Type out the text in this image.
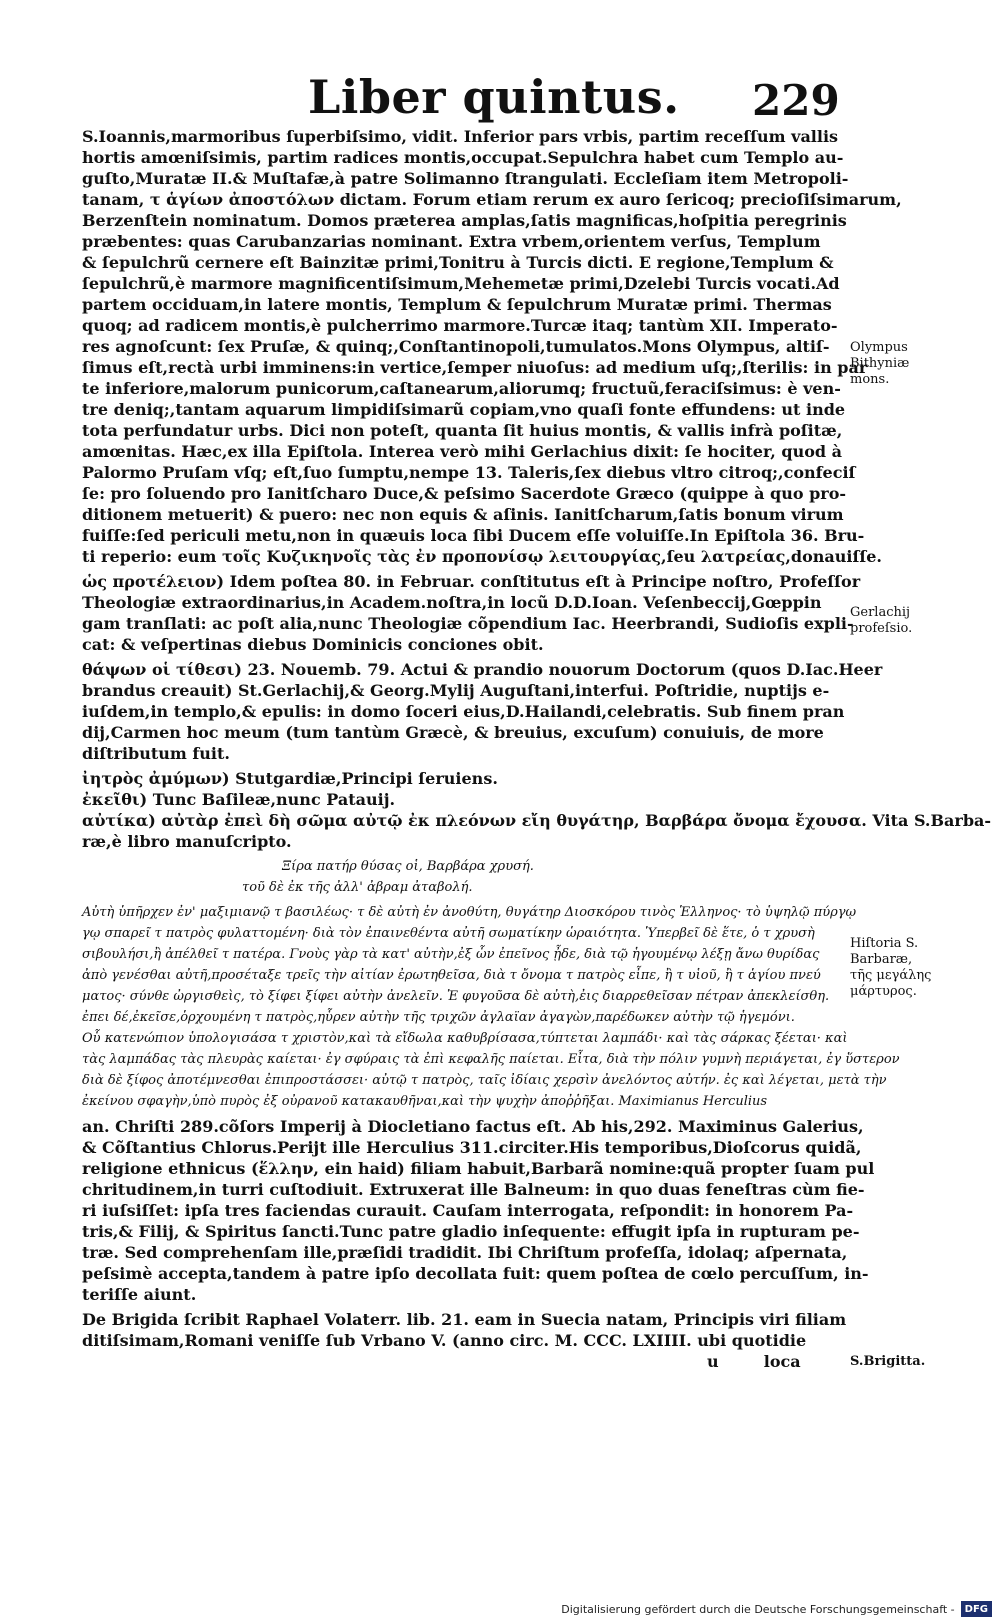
Liber quintus. 229
S.Ioannis,marmoribus ſuperbiſsimo, vidit. Inferior pars vrbis, partim receſſum vallis
hortis amœniſsimis, partim radices montis,occupat.Sepulchra habet cum Templo au-
guſto,Muratæ II.& Muſtafæ,à patre Solimanno ſtrangulati. Eccleſiam item Metropoli-
tanam, τ ἁγίων ἀποστόλων dictam. Forum etiam rerum ex auro ſericoq; precioſiſsimarum,
Berzenſtein nominatum. Domos præterea amplas,ſatis magnificas,hoſpitia peregrinis
præbentes: quas Carubanzarias nominant. Extra vrbem,orientem verſus, Templum
& ſepulchrũ cernere eſt Bainzitæ primi,Tonitru à Turcis dicti. E regione,Templum &
ſepulchrũ,è marmore magnificentiſsimum,Mehemetæ primi,Dzelebi Turcis vocati.Ad
partem occiduam,in latere montis, Templum & ſepulchrum Muratæ primi. Thermas
quoq; ad radicem montis,è pulcherrimo marmore.Turcæ itaq; tantùm XII. Imperato-
res agnoſcunt: ſex Pruſæ, & quinq;,Conſtantinopoli,tumulatos.Mons Olympus, altiſ-
ſimus eſt,rectà urbi imminens:in vertice,ſemper niuoſus: ad medium uſq;,ſterilis: in par
te inferiore,malorum punicorum,caſtanearum,aliorumq; fructuũ,feraciſsimus: è ven-
tre deniq;,tantam aquarum limpidiſsimarũ copiam,vno quaſi fonte effundens: ut inde
tota perfundatur urbs. Dici non poteſt, quanta ſit huius montis, & vallis infrà poſitæ,
amœnitas. Hæc,ex illa Epiſtola. Interea verò mihi Gerlachius dixit: ſe hociter, quod à
Palormo Pruſam vſq; eſt,ſuo ſumptu,nempe 13. Taleris,ſex diebus vltro citroq;,confeciſ
ſe: pro ſoluendo pro Ianitſcharo Duce,& peſsimo Sacerdote Græco (quippe à quo pro-
ditionem metuerit) & puero: nec non equis & aſinis. Ianitſcharum,ſatis bonum virum
fuiſſe:ſed periculi metu,non in quæuis loca ſibi Ducem eſſe voluiſſe.In Epiſtola 36. Bru-
ti reperio: eum τοῖς Κυζικηνοῖς τὰς ἐν προπονίσῳ λειτουργίας,ſeu λατρείας,donauiſſe.
ὡς προτέλειον) Idem poſtea 80. in Februar. conſtitutus eſt à Principe noſtro, Profeſſor
Theologiæ extraordinarius,in Academ.noſtra,in locũ D.D.Ioan. Veſenbeccij,Gœppin
gam tranſlati: ac poſt alia,nunc Theologiæ cõpendium Iac. Heerbrandi, Sudioſis expli-
cat: & veſpertinas diebus Dominicis conciones obit.
θάψων οἱ τίθεσι) 23. Nouemb. 79. Actui & prandio nouorum Doctorum (quos D.Iac.Heer
brandus creauit) St.Gerlachij,& Georg.Mylij Auguſtani,interfui. Poſtridie, nuptijs e-
iuſdem,in templo,& epulis: in domo ſoceri eius,D.Hailandi,celebratis. Sub finem pran
dij,Carmen hoc meum (tum tantùm Græcè, & breuius, excuſum) conuiuis, de more
diſtributum fuit.
ἰητρὸς ἀμύμων) Stutgardiæ,Principi ſeruiens.
ἐκεῖθι) Tunc Baſileæ,nunc Patauij.
αὐτίκα) αὐτὰρ ἐπεὶ δὴ σῶμα αὐτῷ ἐκ πλεόνων εἴη θυγάτηρ, Βαρβάρα ὄνομα ἔχουσα. Vita S.Barba-
ræ,è libro manuſcripto.
Ξίρα πατήρ θύσας οἱ, Βαρβάρα χρυσή.
τοῦ δὲ ἐκ τῆς ἀλλ' ἀβραμ ἀταβολή.
Αὐτὴ ὑπῆρχεν ἐν' μαξιμιανῷ τ βασιλέως· τ δὲ αὐτὴ ἐν ἀνοθύτη, θυγάτηρ Διοσκόρου τινὸς Ἑλληνος· τὸ ὑψηλῷ πύργῳ
γῳ σπαρεῖ τ πατρὸς φυλαττομένη· διὰ τὸν ἐπαινεθέντα αὐτῆ σωματίκην ὡραιότητα. Ὑπερβεῖ δὲ ἕτε, ὁ τ χρυσὴ
σιβουλήσι,ἢ ἀπέλθεῖ τ πατέρα. Γνοὺς γὰρ τὰ κατ' αὐτὴν,ἐξ ὧν ἐπεῖνος ᾖδε, διὰ τῷ ἡγουμένῳ λέξῃ ἄνω θυρίδας
ἀπὸ γενέσθαι αὐτῆ,προσέταξε τρεῖς τὴν αἰτίαν ἐρωτηθεῖσα, διὰ τ ὄνομα τ πατρὸς εἶπε, ἢ τ υἱοῦ, ἢ τ ἁγίου πνεύ
ματος· σύνθε ὠργισθεὶς, τὸ ξίφει ξίφει αὐτὴν ἀνελεῖν. Ἐ φυγοῦσα δὲ αὐτὴ,ἐις διαρρεθεῖσαν πέτραν ἀπεκλείσθη.
ἐπει δέ,ἐκεῖσε,ὁρχουμένη τ πατρὸς,ηὗρεν αὐτὴν τῆς τριχῶν ἀγλαϊαν ἀγαγὼν,παρέδωκεν αὐτὴν τῷ ἡγεμόνι.
Οὗ κατενώπιον ὑπολογισάσα τ χριστὸν,καὶ τὰ εἴδωλα καθυβρίσασα,τύπτεται λαμπάδι· καὶ τὰς σάρκας ξέεται· καὶ
τὰς λαμπάδας τὰς πλευρὰς καίεται· ἐγ σφύραις τὰ ἐπὶ κεφαλῆς παίεται. Εἶτα, διὰ τὴν πόλιν γυμνὴ περιάγεται, ἐγ ὕστερον
διὰ δὲ ξίφος ἀποτέμνεσθαι ἐπιπροστάσσει· αὐτῷ τ πατρὸς, ταῖς ἰδίαις χερσὶν ἀνελόντος αὐτήν. ἐς καὶ λέγεται, μετὰ τὴν
ἐκείνου σφαγὴν,ὑπὸ πυρὸς ἐξ οὐρανοῦ κατακαυθῆναι,καὶ τὴν ψυχὴν ἀποῤῥῆξαι. Maximianus Herculius
an. Chriſti 289.cõſors Imperij à Diocletiano factus eſt. Ab his,292. Maximinus Galerius,
& Cõſtantius Chlorus.Perijt ille Herculius 311.circiter.His temporibus,Dioſcorus quidã,
religione ethnicus (ἕλλην, ein haid) filiam habuit,Barbarã nomine:quã propter ſuam pul
chritudinem,in turri cuſtodiuit. Extruxerat ille Balneum: in quo duas feneſtras cùm fie-
ri iuſsiſſet: ipſa tres faciendas curauit. Cauſam interrogata, reſpondit: in honorem Pa-
tris,& Filij, & Spiritus ſancti.Tunc patre gladio inſequente: effugit ipſa in rupturam pe-
træ. Sed comprehenſam ille,præſidi tradidit. Ibi Chriſtum profeſſa, idolaq; aſpernata,
peſsimè accepta,tandem à patre ipſo decollata fuit: quem poſtea de cœlo percuſſum, in-
teriſſe aiunt.
De Brigida ſcribit Raphael Volaterr. lib. 21. eam in Suecia natam, Principis viri filiam
ditiſsimam,Romani veniſſe ſub Vrbano V. (anno circ. M. CCC. LXIIII. ubi quotidie
u	loca
Olympus
Bithyniæ
mons.
Gerlachij
profeſsio.
Hiſtoria S.
Barbaræ,
τῆς μεγάλης
μάρτυρος.
S.Brigitta.
Digitalisierung gefördert durch die Deutsche Forschungsgemeinschaft -	DFG
